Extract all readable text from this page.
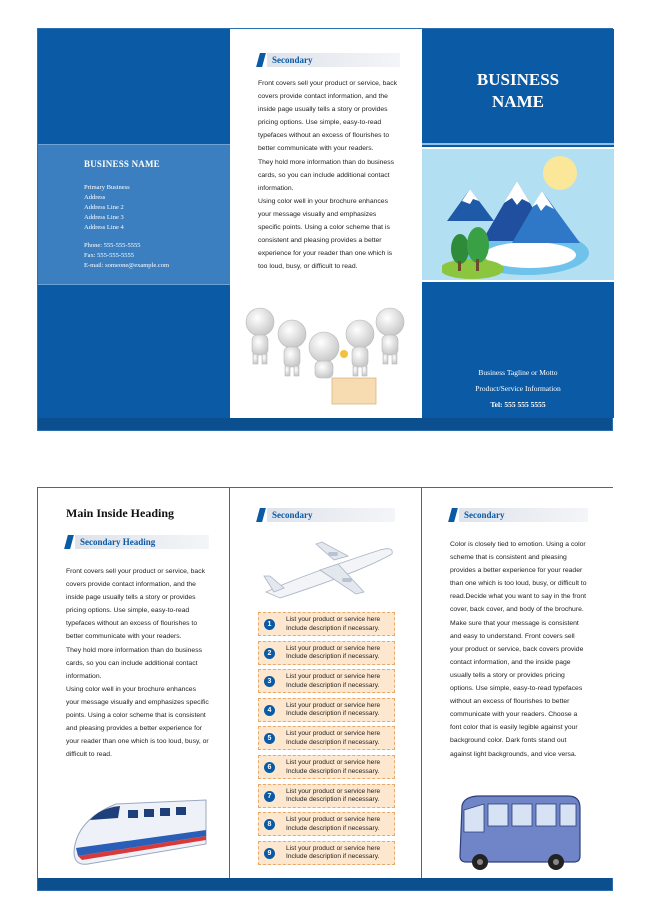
BUSINESS NAME
Primary Business
Address
Address Line 2
Address Line 3
Address Line 4
Phone: 555-555-5555
Fax: 555-555-5555
E-mail: someone@example.com
Secondary

Front covers sell your product or service, back covers provide contact information, and the inside page usually tells a story or provides pricing options. Use simple, easy-to-read typefaces without an excess of flourishes to better communicate with your readers.

They hold more information than do business cards, so you can include additional contact information.

Using color well in your brochure enhances your message visually and emphasizes specific points. Using a color scheme that is consistent and pleasing provides a better experience for your reader than one which is too loud, busy, or difficult to read.

BUSINESS
NAME
Business Tagline or Motto
Product/Service Information
Tel: 555 555 5555
Main Inside Heading
Secondary Heading

Front covers sell your product or service, back covers provide contact information, and the inside page usually tells a story or provides pricing options. Use simple, easy-to-read typefaces without an excess of flourishes to better communicate with your readers.

They hold more information than do business cards, so you can include additional contact information.

Using color well in your brochure enhances your message visually and emphasizes specific points. Using a color scheme that is consistent and pleasing provides a better experience for your reader than one which is too loud, busy, or difficult to read.

Secondary
1
List your product or service here
Include description if necessary.
2
List your product or service here
Include description if necessary.
3
List your product or service here
Include description if necessary.
4
List your product or service here
Include description if necessary.
5
List your product or service here
Include description if necessary.
6
List your product or service here
Include description if necessary.
7
List your product or service here
Include description if necessary.
8
List your product or service here
Include description if necessary.
9
List your product or service here
Include description if necessary.
Secondary
Color is closely tied to emotion. Using a color scheme that is consistent and pleasing provides a better experience for your reader than one which is too loud, busy, or difficult to read.Decide what you want to say in the front cover, back cover, and body of the brochure. Make sure that your message is consistent and easy to understand. Front covers sell your product or service, back covers provide contact information, and the inside page usually tells a story or provides pricing options. Use simple, easy-to-read typefaces without an excess of flourishes to better communicate with your readers. Choose a font color that is easily legible against your background color. Dark fonts stand out against light backgrounds, and vice versa.
